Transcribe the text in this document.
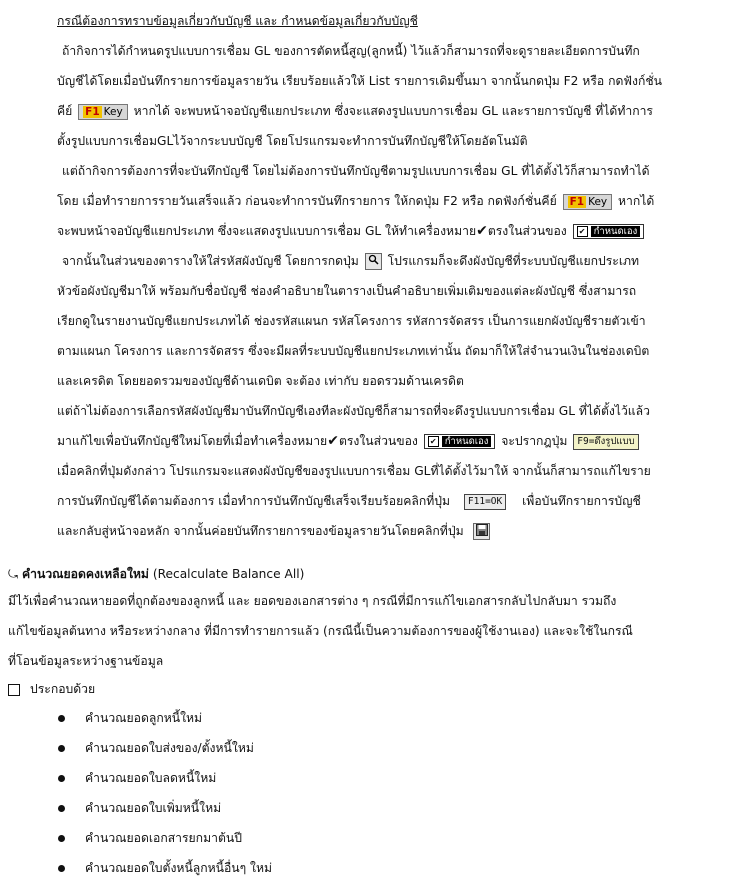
กรณีต้องการทราบข้อมูลเกี่ยวกับบัญชี และ กำหนดข้อมูลเกี่ยวกับบัญชี
ถ้ากิจการได้กำหนดรูปแบบการเชื่อม GL ของการตัดหนี้สูญ(ลูกหนี้) ไว้แล้วก็สามารถที่จะดูรายละเอียดการบันทึก
บัญชีได้โดยเมื่อบันทึกรายการข้อมูลรายวัน เรียบร้อยแล้วให้ List รายการเดิมขึ้นมา จากนั้นกดปุ่ม F2 หรือ กดฟังก์ชั่น
คีย์ F1 Key หากได้ จะพบหน้าจอบัญชีแยกประเภท ซึ่งจะแสดงรูปแบบการเชื่อม GL และรายการบัญชี ที่ได้ทำการ
ตั้งรูปแบบการเชื่อมGLไว้จากระบบบัญชี โดยโปรแกรมจะทำการบันทึกบัญชีให้โดยอัตโนมัติ
แต่ถ้ากิจการต้องการที่จะบันทึกบัญชี โดยไม่ต้องการบันทึกบัญชีตามรูปแบบการเชื่อม GL ที่ได้ตั้งไว้ก็สามารถทำได้
โดย เมื่อทำรายการรายวันเสร็จแล้ว ก่อนจะทำการบันทึกรายการ ให้กดปุ่ม F2 หรือ กดฟังก์ชั่นคีย์ F1 Key หากได้
จะพบหน้าจอบัญชีแยกประเภท ซึ่งจะแสดงรูปแบบการเชื่อม GL ให้ทำเครื่องหมาย✔ตรงในส่วนของ ✔ กำหนดเอง
จากนั้นในส่วนของตารางให้ใส่รหัสผังบัญชี โดยการกดปุ่ม โปรแกรมก็จะดึงผังบัญชีที่ระบบบัญชีแยกประเภท
หัวข้อผังบัญชีมาให้ พร้อมกับชื่อบัญชี ช่องคำอธิบายในตารางเป็นคำอธิบายเพิ่มเติมของแต่ละผังบัญชี ซึ่งสามารถ
เรียกดูในรายงานบัญชีแยกประเภทได้ ช่องรหัสแผนก รหัสโครงการ รหัสการจัดสรร เป็นการแยกผังบัญชีรายตัวเข้า
ตามแผนก โครงการ และการจัดสรร ซึ่งจะมีผลที่ระบบบัญชีแยกประเภทเท่านั้น ถัดมาก็ให้ใส่จำนวนเงินในช่องเดบิต
และเครดิต โดยยอดรวมของบัญชีด้านเดบิต จะต้อง เท่ากับ ยอดรวมด้านเครดิต
แต่ถ้าไม่ต้องการเลือกรหัสผังบัญชีมาบันทึกบัญชีเองทีละผังบัญชีก็สามารถที่จะดึงรูปแบบการเชื่อม GL ที่ได้ตั้งไว้แล้ว
มาแก้ไขเพื่อบันทึกบัญชีใหม่โดยที่เมื่อทำเครื่องหมาย✔ตรงในส่วนของ ✔ กำหนดเอง จะปรากฎปุ่ม F9=ดึงรูปแบบ
เมื่อคลิกที่ปุ่มดังกล่าว โปรแกรมจะแสดงผังบัญชีของรูปแบบการเชื่อม GLที่ได้ตั้งไว้มาให้ จากนั้นก็สามารถแก้ไขราย
การบันทึกบัญชีได้ตามต้องการ เมื่อทำการบันทึกบัญชีเสร็จเรียบร้อยคลิกที่ปุ่ม F11=OK เพื่อบันทึกรายการบัญชี
และกลับสู่หน้าจอหลัก จากนั้นค่อยบันทึกรายการของข้อมูลรายวันโดยคลิกที่ปุ่ม
⤿ คำนวณยอดคงเหลือใหม่ (Recalculate Balance All)
มีไว้เพื่อคำนวณหายอดที่ถูกต้องของลูกหนี้ และ ยอดของเอกสารต่าง ๆ กรณีที่มีการแก้ไขเอกสารกลับไปกลับมา รวมถึง
แก้ไขข้อมูลต้นทาง หรือระหว่างกลาง ที่มีการทำรายการแล้ว (กรณีนี้เป็นความต้องการของผู้ใช้งานเอง) และจะใช้ในกรณี
ที่โอนข้อมูลระหว่างฐานข้อมูล
ประกอบด้วย
คำนวณยอดลูกหนี้ใหม่
คำนวณยอดใบส่งของ/ตั้งหนี้ใหม่
คำนวณยอดใบลดหนี้ใหม่
คำนวณยอดใบเพิ่มหนี้ใหม่
คำนวณยอดเอกสารยกมาต้นปี
คำนวณยอดใบตั้งหนี้ลูกหนี้อื่นๆ ใหม่
